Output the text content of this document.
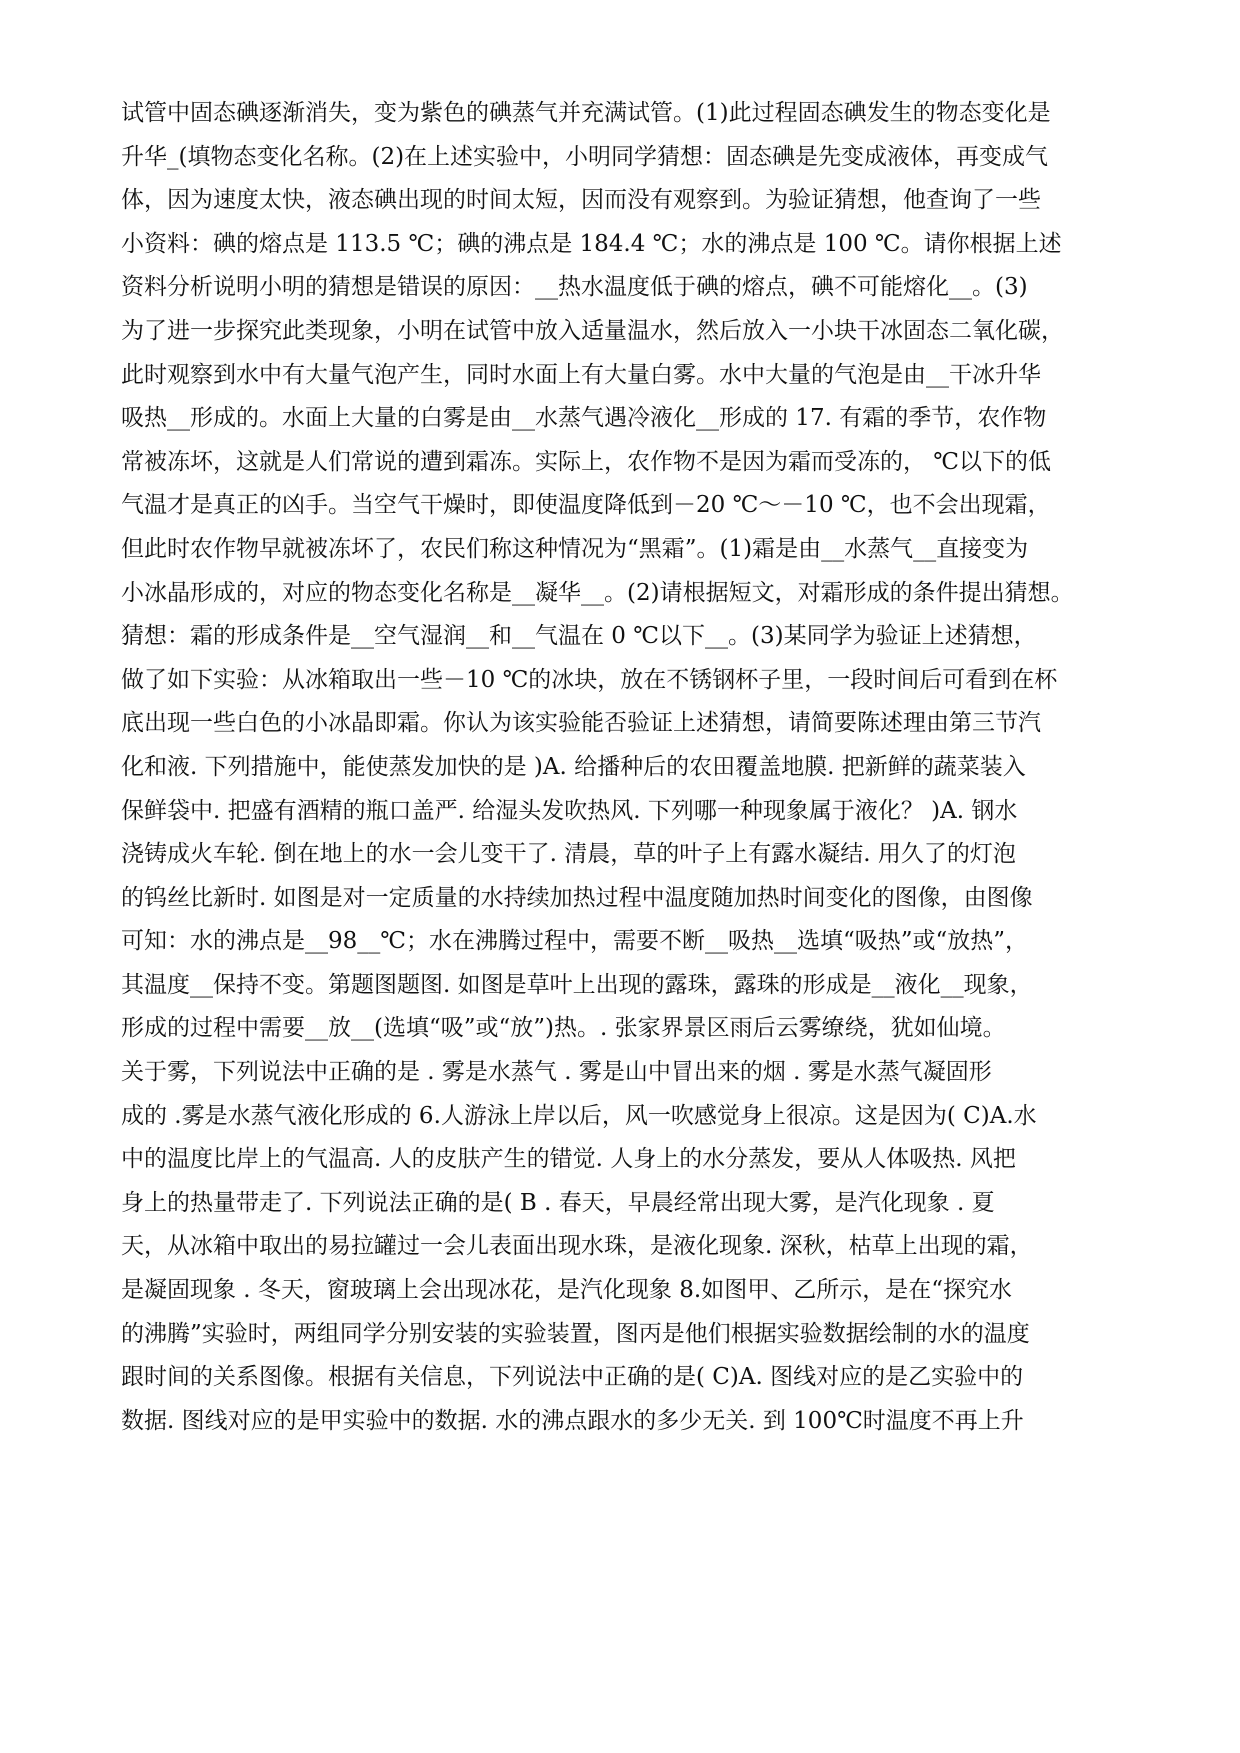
试管中固态碘逐渐消失，变为紫色的碘蒸气并充满试管。(1)此过程固态碘发生的物态变化是
升华_(填物态变化名称。(2)在上述实验中，小明同学猜想：固态碘是先变成液体，再变成气
体，因为速度太快，液态碘出现的时间太短，因而没有观察到。为验证猜想，他查询了一些
小资料：碘的熔点是 113.5 ℃；碘的沸点是 184.4 ℃；水的沸点是 100 ℃。请你根据上述
资料分析说明小明的猜想是错误的原因：__热水温度低于碘的熔点，碘不可能熔化__。(3)
为了进一步探究此类现象，小明在试管中放入适量温水，然后放入一小块干冰固态二氧化碳，
此时观察到水中有大量气泡产生，同时水面上有大量白雾。水中大量的气泡是由__干冰升华
吸热__形成的。水面上大量的白雾是由__水蒸气遇冷液化__形成的 17. 有霜的季节，农作物
常被冻坏，这就是人们常说的遭到霜冻。实际上，农作物不是因为霜而受冻的， ℃以下的低
气温才是真正的凶手。当空气干燥时，即使温度降低到－20 ℃～－10 ℃，也不会出现霜，
但此时农作物早就被冻坏了，农民们称这种情况为“黑霜”。(1)霜是由__水蒸气__直接变为
小冰晶形成的，对应的物态变化名称是__凝华__。(2)请根据短文，对霜形成的条件提出猜想。
猜想：霜的形成条件是__空气湿润__和__气温在 0 ℃以下__。(3)某同学为验证上述猜想，
做了如下实验：从冰箱取出一些－10 ℃的冰块，放在不锈钢杯子里，一段时间后可看到在杯
底出现一些白色的小冰晶即霜。你认为该实验能否验证上述猜想，请简要陈述理由第三节汽
化和液. 下列措施中，能使蒸发加快的是 )A. 给播种后的农田覆盖地膜. 把新鲜的蔬菜装入
保鲜袋中. 把盛有酒精的瓶口盖严. 给湿头发吹热风. 下列哪一种现象属于液化？ )A. 钢水
浇铸成火车轮. 倒在地上的水一会儿变干了. 清晨，草的叶子上有露水凝结. 用久了的灯泡
的钨丝比新时. 如图是对一定质量的水持续加热过程中温度随加热时间变化的图像，由图像
可知：水的沸点是__98__℃；水在沸腾过程中，需要不断__吸热__选填“吸热”或“放热”，
其温度__保持不变。第题图题图. 如图是草叶上出现的露珠，露珠的形成是__液化__现象，
形成的过程中需要__放__(选填“吸”或“放”)热。. 张家界景区雨后云雾缭绕，犹如仙境。
关于雾，下列说法中正确的是 . 雾是水蒸气 . 雾是山中冒出来的烟 . 雾是水蒸气凝固形
成的 .雾是水蒸气液化形成的 6.人游泳上岸以后，风一吹感觉身上很凉。这是因为( C)A.水
中的温度比岸上的气温高. 人的皮肤产生的错觉. 人身上的水分蒸发，要从人体吸热. 风把
身上的热量带走了. 下列说法正确的是( B . 春天，早晨经常出现大雾，是汽化现象 . 夏
天，从冰箱中取出的易拉罐过一会儿表面出现水珠，是液化现象. 深秋，枯草上出现的霜，
是凝固现象 . 冬天，窗玻璃上会出现冰花，是汽化现象 8.如图甲、乙所示，是在“探究水
的沸腾”实验时，两组同学分别安装的实验装置，图丙是他们根据实验数据绘制的水的温度
跟时间的关系图像。根据有关信息，下列说法中正确的是( C)A. 图线对应的是乙实验中的
数据. 图线对应的是甲实验中的数据. 水的沸点跟水的多少无关. 到 100℃时温度不再上升
